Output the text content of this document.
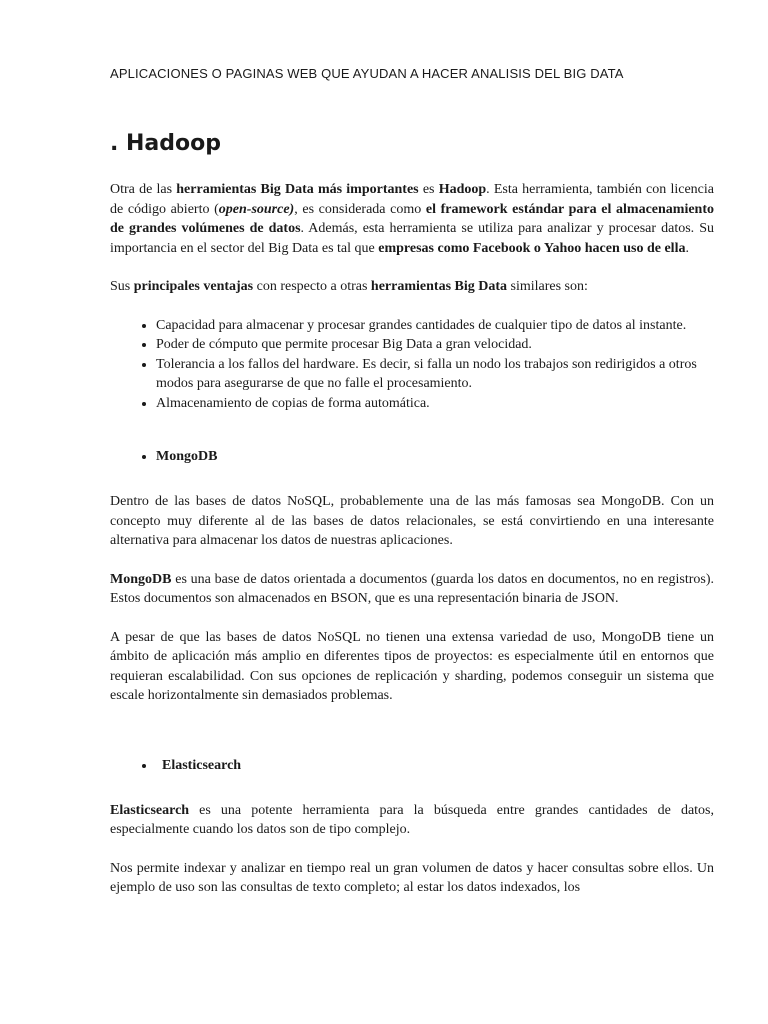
APLICACIONES O PAGINAS WEB QUE AYUDAN A HACER ANALISIS DEL BIG DATA
. Hadoop

Otra de las herramientas Big Data más importantes es Hadoop. Esta herramienta, también con licencia de código abierto (open-source), es considerada como el framework estándar para el almacenamiento de grandes volúmenes de datos. Además, esta herramienta se utiliza para analizar y procesar datos. Su importancia en el sector del Big Data es tal que empresas como Facebook o Yahoo hacen uso de ella.

Sus principales ventajas con respecto a otras herramientas Big Data similares son:

• Capacidad para almacenar y procesar grandes cantidades de cualquier tipo de datos al instante.
• Poder de cómputo que permite procesar Big Data a gran velocidad.
• Tolerancia a los fallos del hardware. Es decir, si falla un nodo los trabajos son redirigidos a otros modos para asegurarse de que no falle el procesamiento.
• Almacenamiento de copias de forma automática.
• MongoDB

Dentro de las bases de datos NoSQL, probablemente una de las más famosas sea MongoDB. Con un concepto muy diferente al de las bases de datos relacionales, se está convirtiendo en una interesante alternativa para almacenar los datos de nuestras aplicaciones.

MongoDB es una base de datos orientada a documentos (guarda los datos en documentos, no en registros). Estos documentos son almacenados en BSON, que es una representación binaria de JSON.

A pesar de que las bases de datos NoSQL no tienen una extensa variedad de uso, MongoDB tiene un ámbito de aplicación más amplio en diferentes tipos de proyectos: es especialmente útil en entornos que requieran escalabilidad. Con sus opciones de replicación y sharding, podemos conseguir un sistema que escale horizontalmente sin demasiados problemas.

• Elasticsearch

Elasticsearch es una potente herramienta para la búsqueda entre grandes cantidades de datos, especialmente cuando los datos son de tipo complejo.

Nos permite indexar y analizar en tiempo real un gran volumen de datos y hacer consultas sobre ellos. Un ejemplo de uso son las consultas de texto completo; al estar los datos indexados, los
